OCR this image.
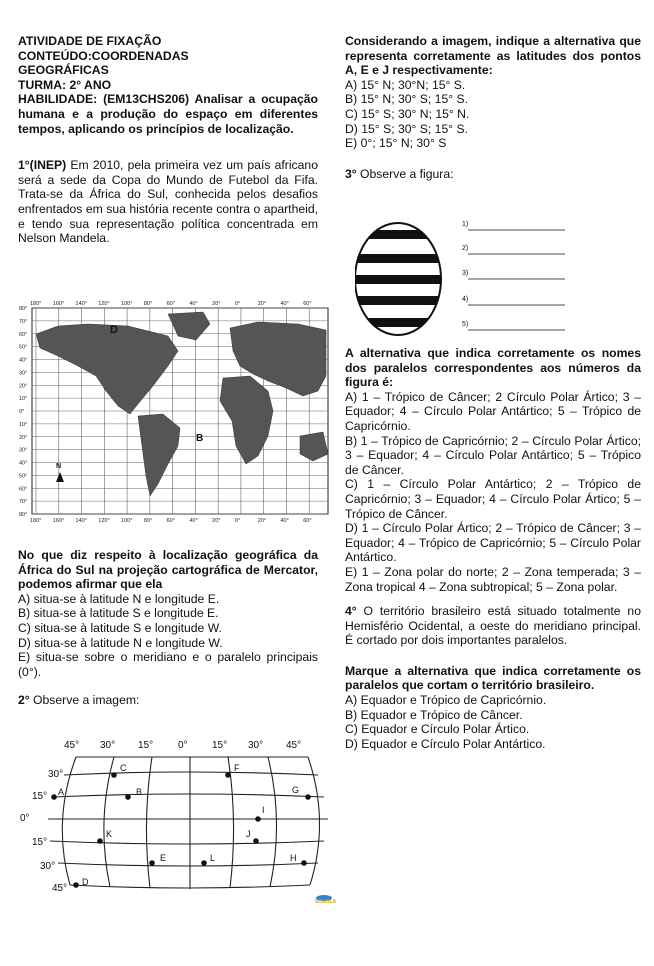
ATIVIDADE DE FIXAÇÃO

CONTEÚDO:COORDENADAS

GEOGRÁFICAS

TURMA: 2° ANO

HABILIDADE: (EM13CHS206) Analisar a ocupação humana e a produção do espaço em diferentes tempos, aplicando os princípios de localização.

1°(INEP) Em 2010, pela primeira vez um país africano será a sede da Copa do Mundo de Futebol da Fifa. Trata-se da África do Sul, conhecida pelos desafios enfrentados em sua história recente contra o apartheid, e tendo sua representação política concentrada em Nelson Mandela.

180° 160° 140° 120° 100° 80°	60°	40°	20°	0°	20°	40°	60°
180° 160° 140° 120° 100° 80°	60°	40°	20°	0°	20°	40°	60°
80°
70°
60°
50°
40°
30°
20°
10°
0°
10°
20°
30°
40°
50°
60°
70°
80°
D
B
N

No que diz respeito à localização geográfica da África do Sul na projeção cartográfica de Mercator, podemos afirmar que ela

A) situa-se à latitude N e longitude E.

B) situa-se à latitude S e longitude E.

C) situa-se à latitude S e longitude W.

D) situa-se à latitude N e longitude W.

E) situa-se sobre o meridiano e o paralelo principais (0°).

2° Observe a imagem:

45° 30° 15° 0° 15° 30° 45°
30°
15°
0°
15°
30°
45°
A	B
C
D
E
F
G
H
I
J
K
L
SCUOLA

Considerando a imagem, indique a alternativa que representa corretamente as latitudes dos pontos A, E e J respectivamente:

A) 15° N; 30°N; 15° S.

B) 15° N; 30° S; 15° S.

C) 15° S; 30° N; 15° N.

D) 15° S; 30° S; 15° S.

E) 0°; 15° N; 30° S

3° Observe a figura:

1)
2)
3)
4)
5)

A alternativa que indica corretamente os nomes dos paralelos correspondentes aos números da figura é:

A) 1 – Trópico de Câncer; 2 Círculo Polar Ártico; 3 – Equador; 4 – Círculo Polar Antártico; 5 – Trópico de Capricórnio.

B) 1 – Trópico de Capricórnio; 2 – Círculo Polar Ártico; 3 – Equador; 4 – Círculo Polar Antártico; 5 – Trópico de Câncer.

C) 1 – Círculo Polar Antártico; 2 – Trópico de Capricórnio; 3 – Equador; 4 – Círculo Polar Ártico; 5 – Trópico de Câncer.

D) 1 – Círculo Polar Ártico; 2 – Trópico de Câncer; 3 – Equador; 4 – Trópico de Capricórnio; 5 – Círculo Polar Antártico.

E) 1 – Zona polar do norte; 2 – Zona temperada; 3 – Zona tropical 4 – Zona subtropical; 5 – Zona polar.

4° O território brasileiro está situado totalmente no Hemisfério Ocidental, a oeste do meridiano principal. É cortado por dois importantes paralelos.

Marque a alternativa que indica corretamente os paralelos que cortam o território brasileiro.

A) Equador e Trópico de Capricórnio.

B) Equador e Trópico de Câncer.

C) Equador e Círculo Polar Ártico.

D) Equador e Círculo Polar Antártico.
